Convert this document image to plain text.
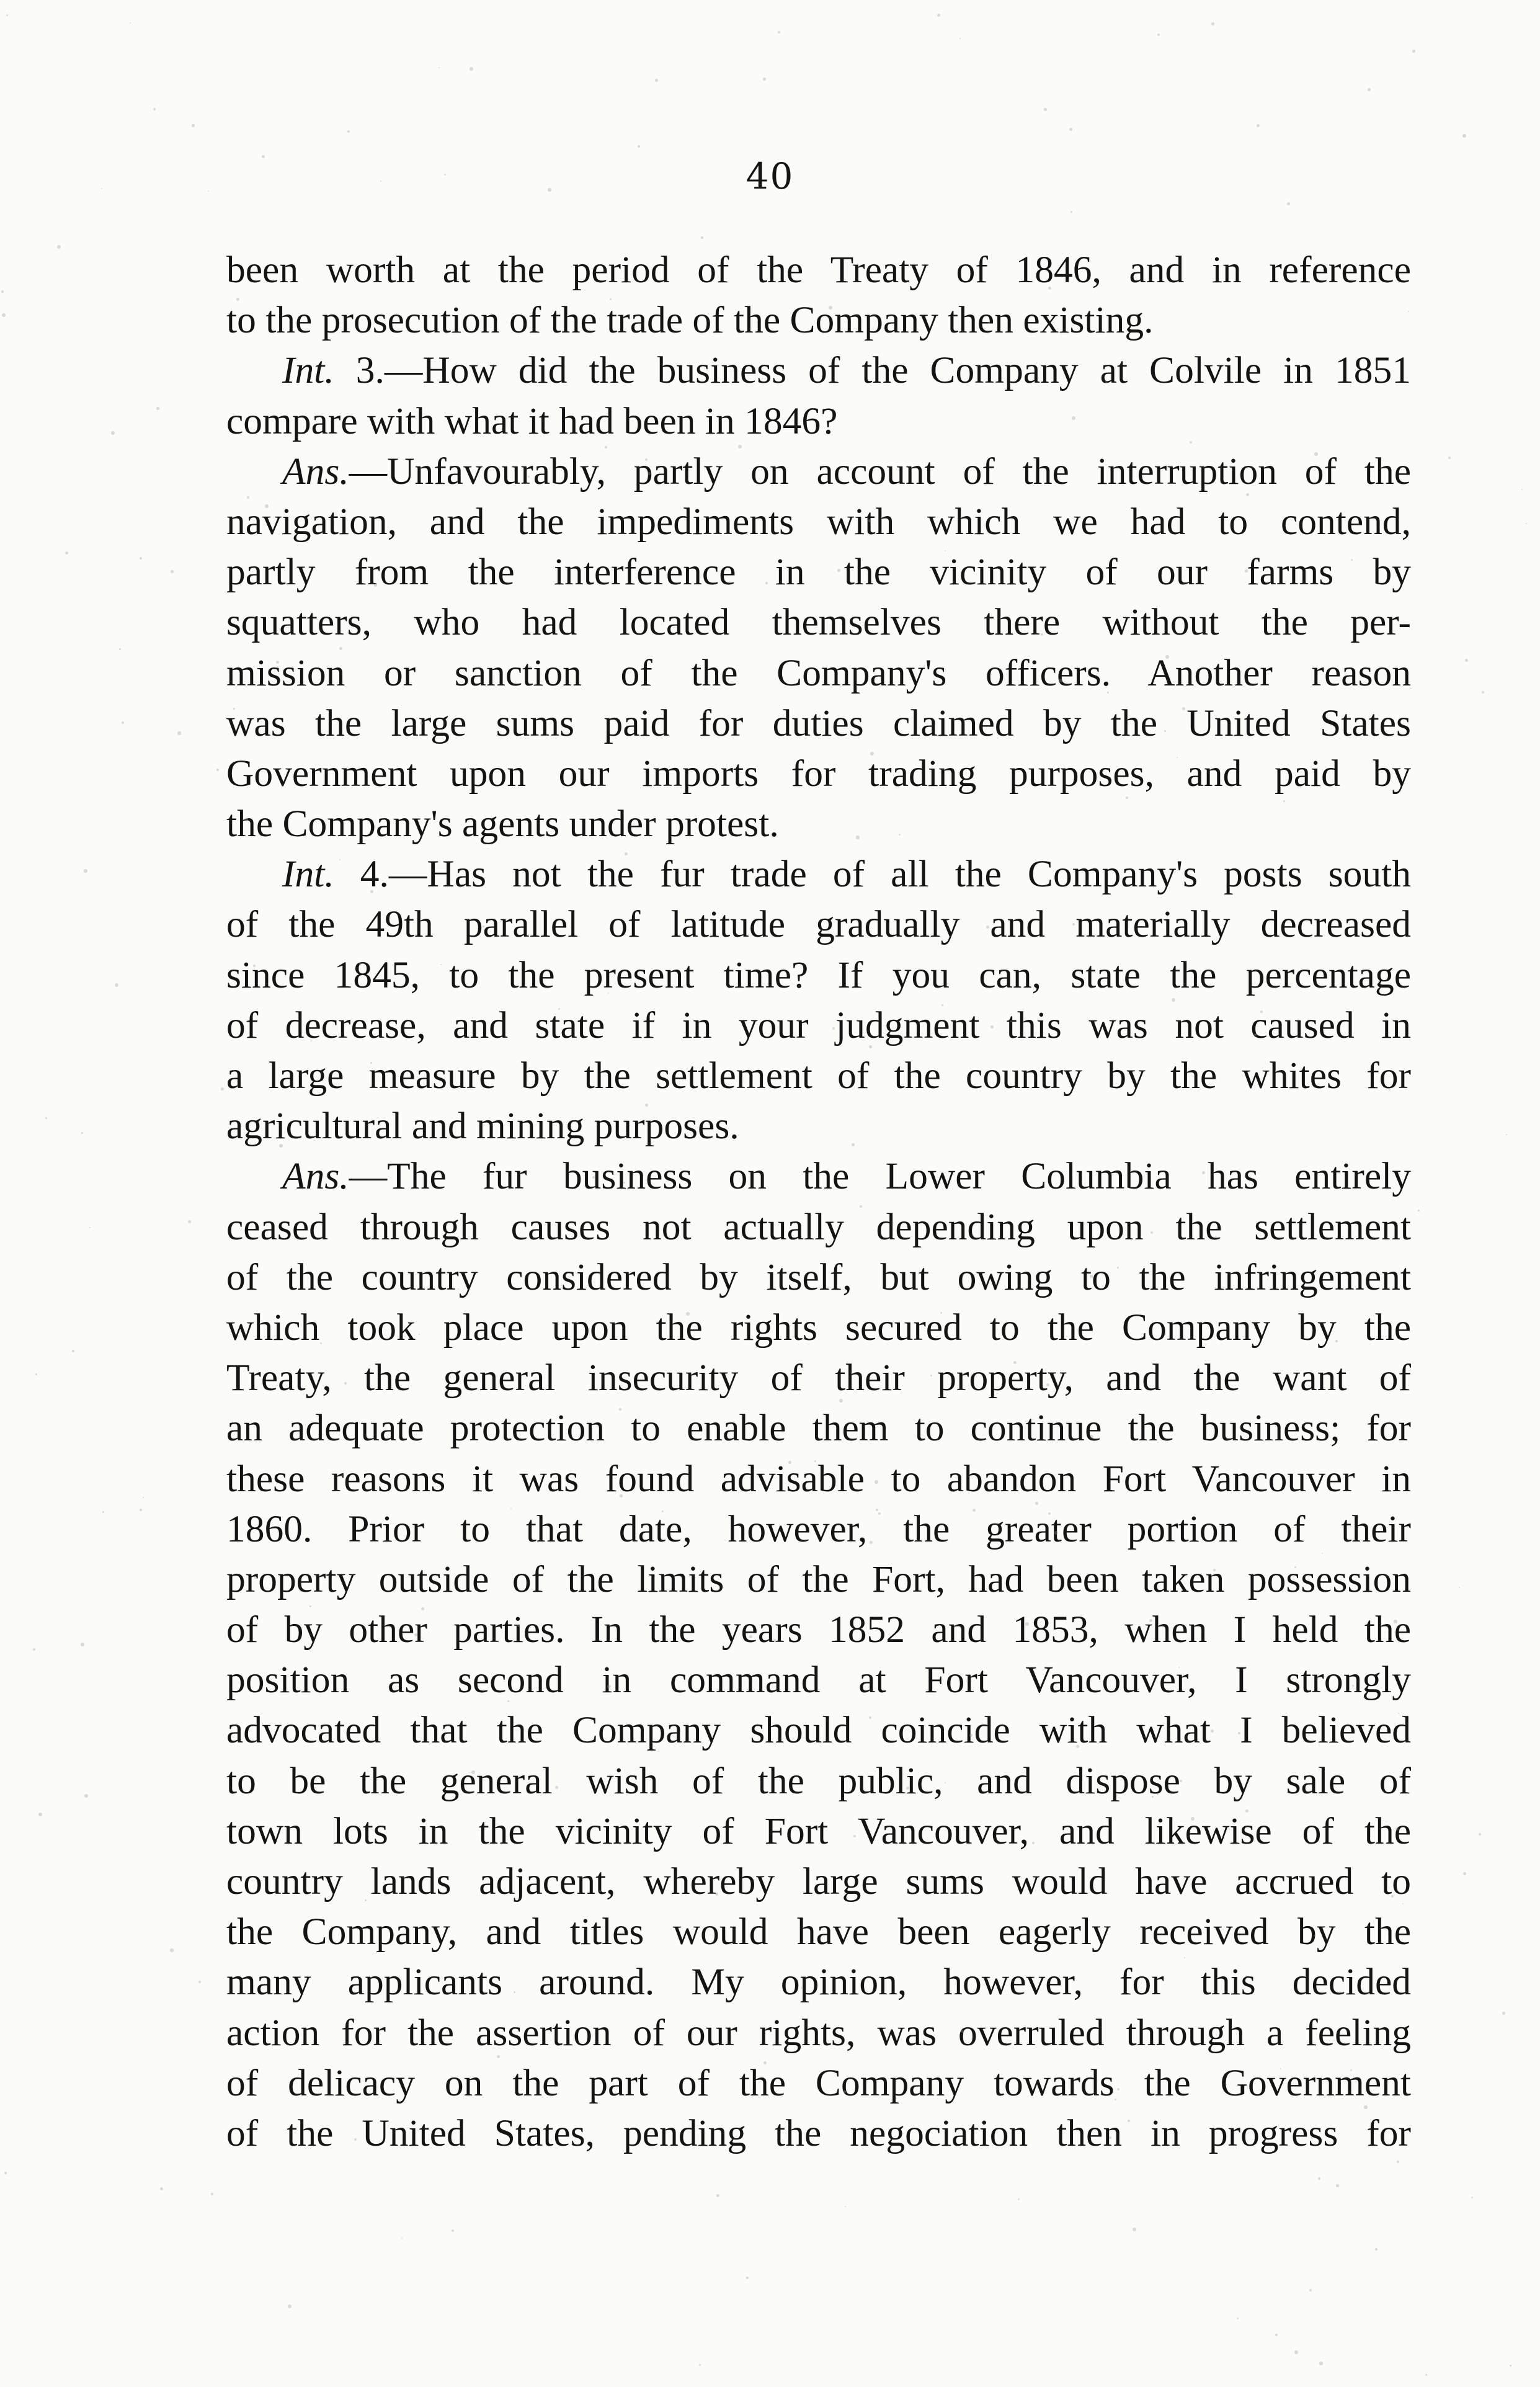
40
been worth at the period of the Treaty of 1846, and in reference
to the prosecution of the trade of the Company then existing.
Int. 3.—How did the business of the Company at Colvile in 1851
compare with what it had been in 1846?
Ans.—Unfavourably, partly on account of the interruption of the
navigation, and the impediments with which we had to contend,
partly from the interference in the vicinity of our farms by
squatters, who had located themselves there without the per-
mission or sanction of the Company's officers. Another reason
was the large sums paid for duties claimed by the United States
Government upon our imports for trading purposes, and paid by
the Company's agents under protest.
Int. 4.—Has not the fur trade of all the Company's posts south
of the 49th parallel of latitude gradually and materially decreased
since 1845, to the present time? If you can, state the percentage
of decrease, and state if in your judgment this was not caused in
a large measure by the settlement of the country by the whites for
agricultural and mining purposes.
Ans.—The fur business on the Lower Columbia has entirely
ceased through causes not actually depending upon the settlement
of the country considered by itself, but owing to the infringement
which took place upon the rights secured to the Company by the
Treaty, the general insecurity of their property, and the want of
an adequate protection to enable them to continue the business; for
these reasons it was found advisable to abandon Fort Vancouver in
1860. Prior to that date, however, the greater portion of their
property outside of the limits of the Fort, had been taken possession
of by other parties. In the years 1852 and 1853, when I held the
position as second in command at Fort Vancouver, I strongly
advocated that the Company should coincide with what I believed
to be the general wish of the public, and dispose by sale of
town lots in the vicinity of Fort Vancouver, and likewise of the
country lands adjacent, whereby large sums would have accrued to
the Company, and titles would have been eagerly received by the
many applicants around. My opinion, however, for this decided
action for the assertion of our rights, was overruled through a feeling
of delicacy on the part of the Company towards the Government
of the United States, pending the negociation then in progress for
